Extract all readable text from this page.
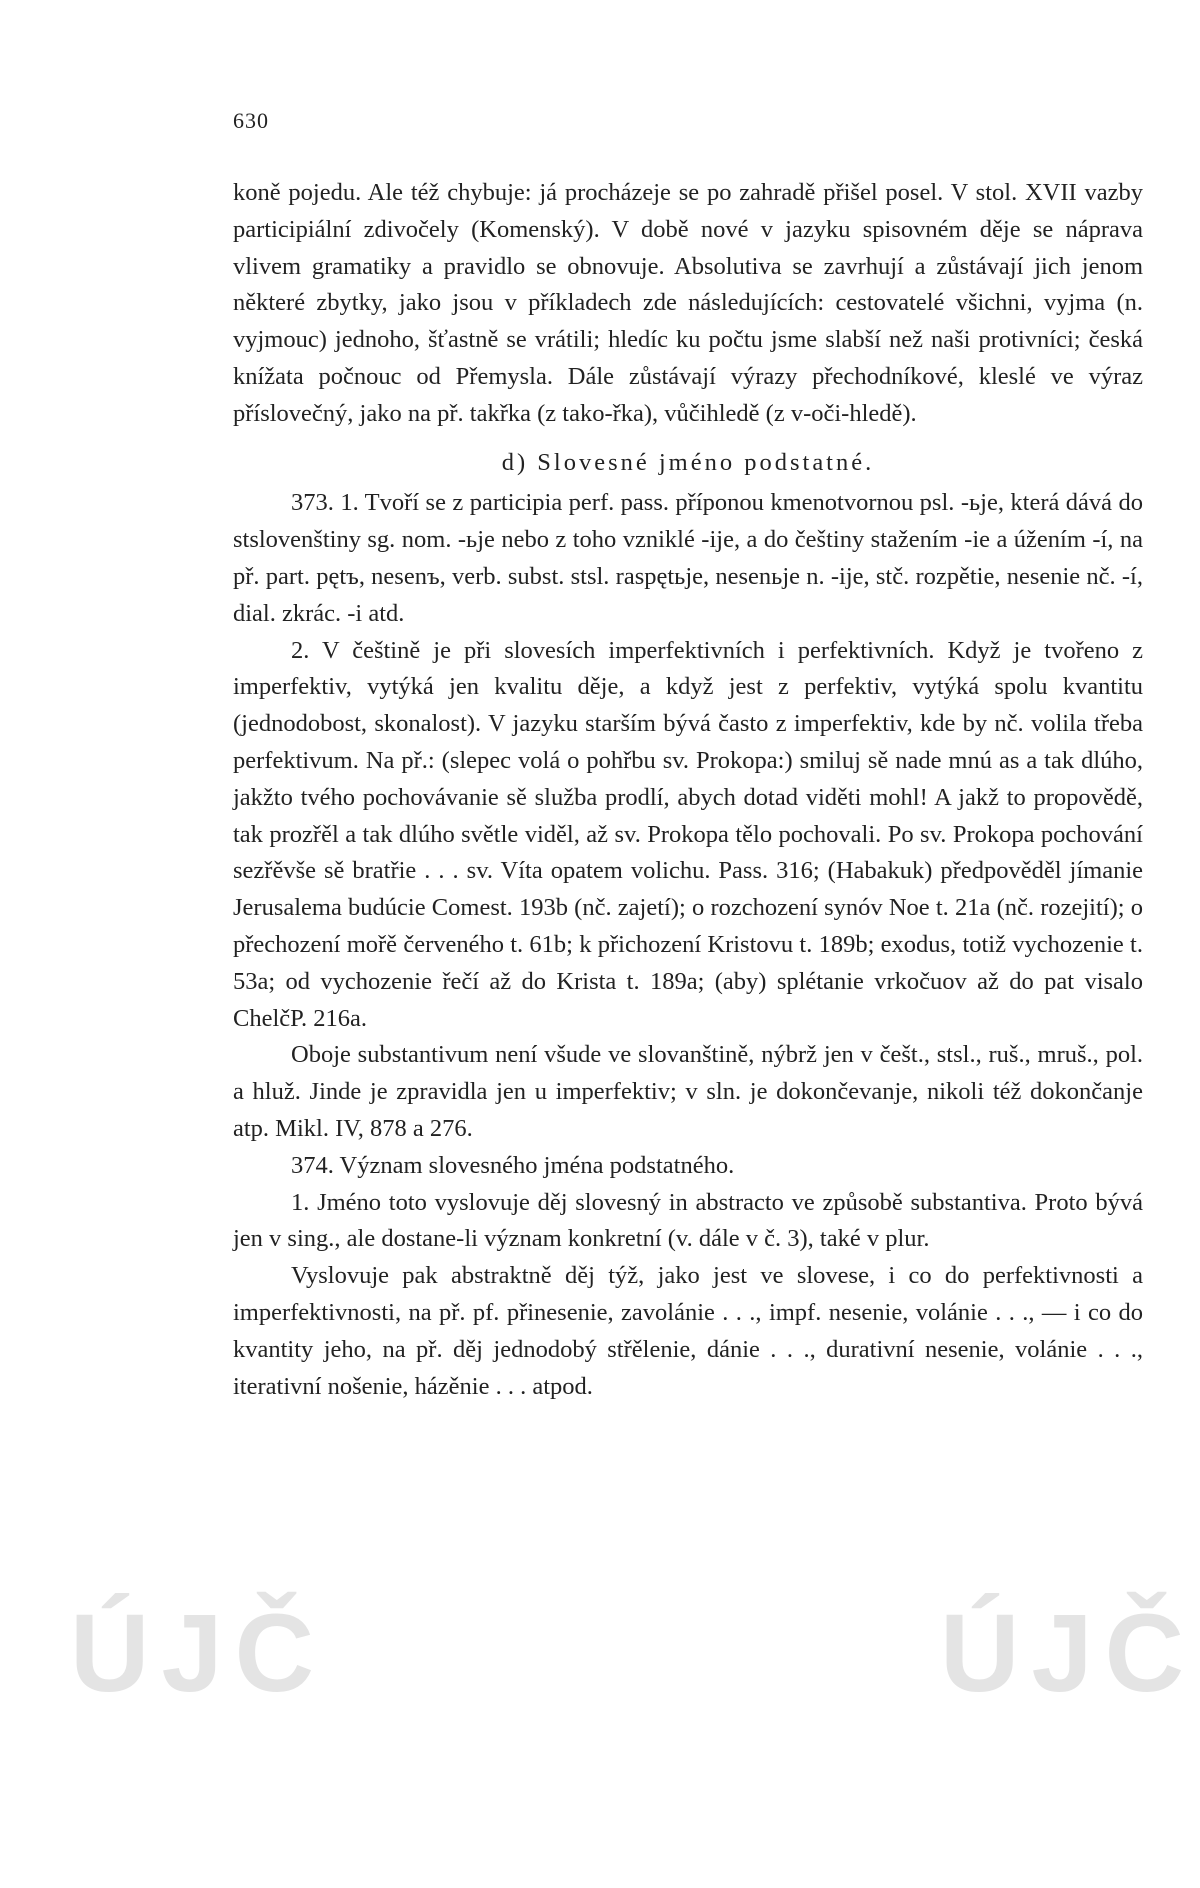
630

koně pojedu. Ale též chybuje: já procházeje se po zahradě přišel posel. V stol. XVII vazby participiální zdivočely (Komenský). V době nové v jazyku spisovném děje se náprava vlivem gramatiky a pravidlo se obnovuje. Absolutiva se zavrhují a zůstávají jich jenom některé zbytky, jako jsou v příkladech zde následujících: cestovatelé všichni, vyjma (n. vyjmouc) jednoho, šťastně se vrátili; hledíc ku počtu jsme slabší než naši protivníci; česká knížata počnouc od Přemysla. Dále zůstávají výrazy přechodníkové, kleslé ve výraz příslovečný, jako na př. takřka (z tako-řka), vůčihledě (z v-oči-hledě).

d) Slovesné jméno podstatné.

373. 1. Tvoří se z participia perf. pass. příponou kmenotvornou psl. -ьje, která dává do stslovenštiny sg. nom. -ьje nebo z toho vzniklé -ije, a do češtiny stažením -ie a úžením -í, na př. part. pętъ, nesenъ, verb. subst. stsl. raspętьje, nesenьje n. -ije, stč. rozpětie, nesenie nč. -í, dial. zkrác. -i atd.

2. V češtině je při slovesích imperfektivních i perfektivních. Když je tvořeno z imperfektiv, vytýká jen kvalitu děje, a když jest z perfektiv, vytýká spolu kvantitu (jednodobost, skonalost). V jazyku starším bývá často z imperfektiv, kde by nč. volila třeba perfektivum. Na př.: (slepec volá o pohřbu sv. Prokopa:) smiluj sě nade mnú as a tak dlúho, jakžto tvého pochovávanie sě služba prodlí, abych dotad viděti mohl! A jakž to propovědě, tak prozřěl a tak dlúho světle viděl, až sv. Prokopa tělo pochovali. Po sv. Prokopa pochování sezřěvše sě bratřie . . . sv. Víta opatem volichu. Pass. 316; (Habakuk) předpověděl jímanie Jerusalema budúcie Comest. 193b (nč. zajetí); o rozchození synóv Noe t. 21a (nč. rozejití); o přechození mořě červeného t. 61b; k přichození Kristovu t. 189b; exodus, totiž vychozenie t. 53a; od vychozenie řečí až do Krista t. 189a; (aby) splétanie vrkočuov až do pat visalo ChelčP. 216a.

Oboje substantivum není všude ve slovanštině, nýbrž jen v češt., stsl., ruš., mruš., pol. a hluž. Jinde je zpravidla jen u imperfektiv; v sln. je dokončevanje, nikoli též dokončanje atp. Mikl. IV, 878 a 276.

374. Význam slovesného jména podstatného.

1. Jméno toto vyslovuje děj slovesný in abstracto ve způsobě substantiva. Proto bývá jen v sing., ale dostane-li význam konkretní (v. dále v č. 3), také v plur.

Vyslovuje pak abstraktně děj týž, jako jest ve slovese, i co do perfektivnosti a imperfektivnosti, na př. pf. přinesenie, zavolánie . . ., impf. nesenie, volánie . . ., — i co do kvantity jeho, na př. děj jednodobý střělenie, dánie . . ., durativní nesenie, volánie . . ., iterativní nošenie, házěnie . . . atpod.

ÚJČ	ÚJČ
